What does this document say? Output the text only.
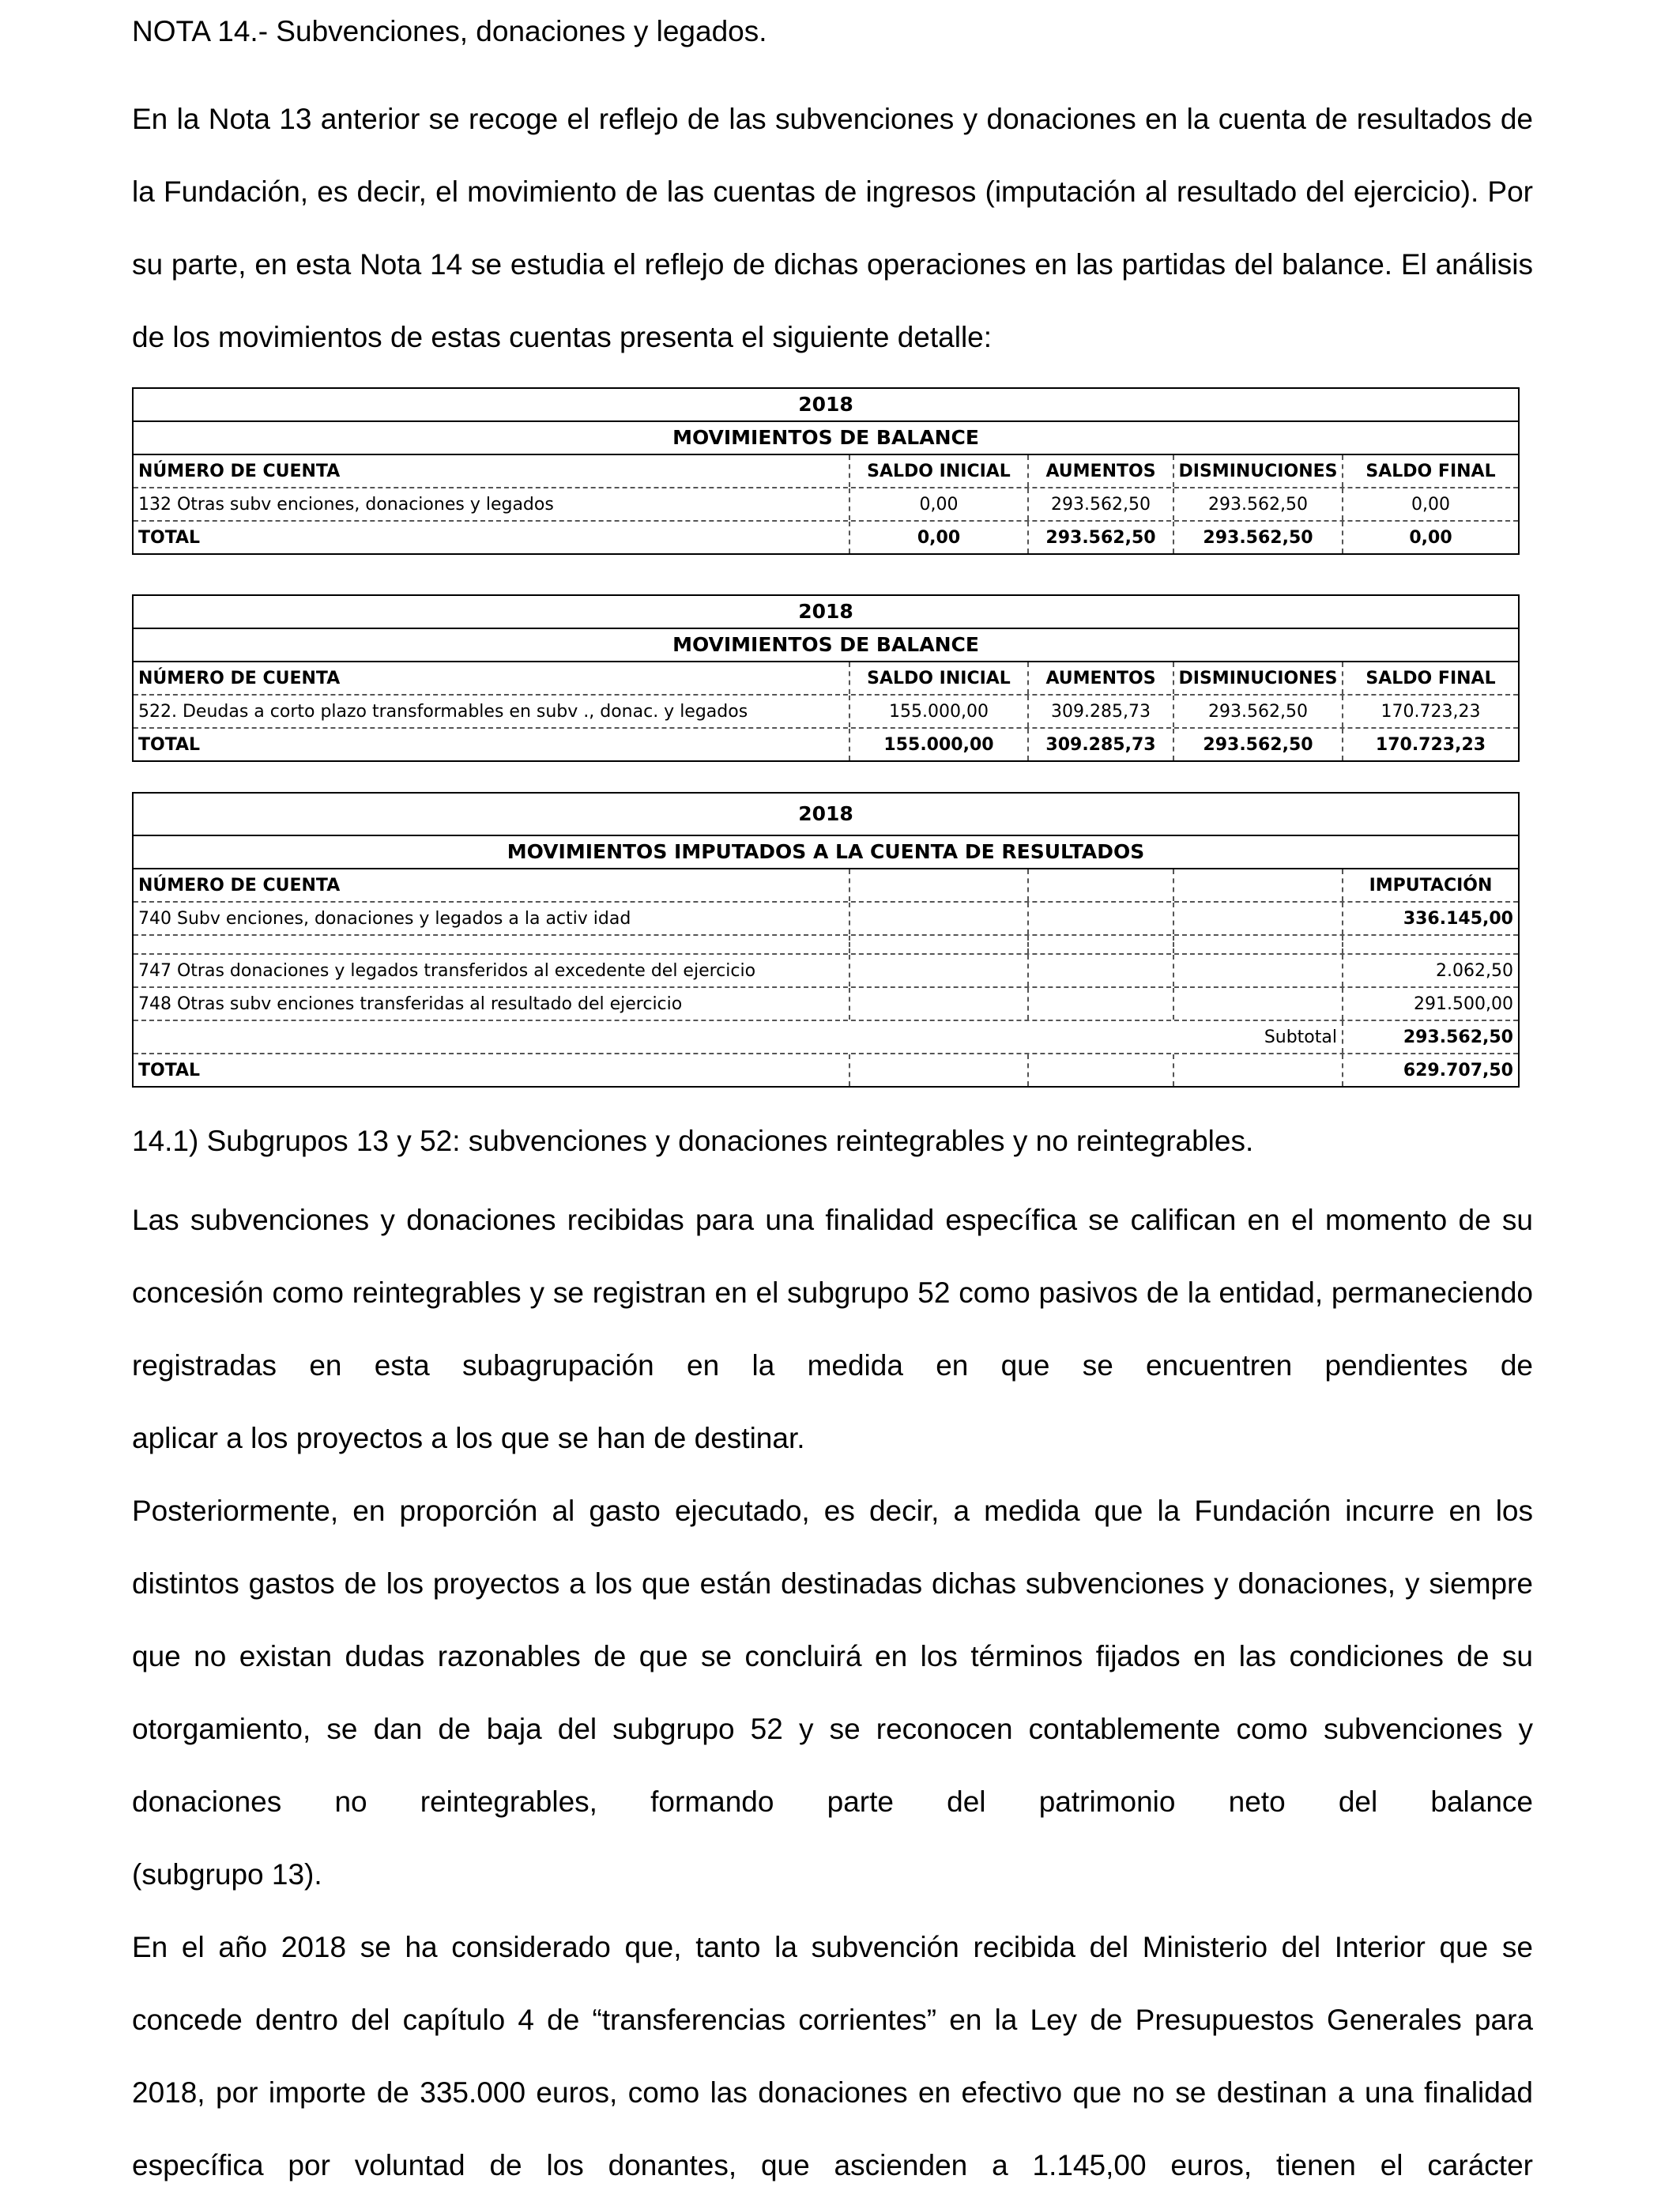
NOTA 14.- Subvenciones, donaciones y legados.

En la Nota 13 anterior se recoge el reflejo de las subvenciones y donaciones en la cuenta de resultados de la Fundación, es decir, el movimiento de las cuentas de ingresos (imputación al resultado del ejercicio). Por su parte, en esta Nota 14 se estudia el reflejo de dichas operaciones en las partidas del balance. El análisis de los movimientos de estas cuentas presenta el siguiente detalle:

2018
MOVIMIENTOS DE BALANCE
NÚMERO DE CUENTA	SALDO INICIAL	AUMENTOS	DISMINUCIONES	SALDO FINAL
132 Otras subv enciones, donaciones y legados	0,00	293.562,50	293.562,50	0,00
TOTAL	0,00	293.562,50	293.562,50	0,00
2018
MOVIMIENTOS DE BALANCE
NÚMERO DE CUENTA	SALDO INICIAL	AUMENTOS	DISMINUCIONES	SALDO FINAL
522. Deudas a corto plazo transformables en subv ., donac. y legados	155.000,00	309.285,73	293.562,50	170.723,23
TOTAL	155.000,00	309.285,73	293.562,50	170.723,23
2018
MOVIMIENTOS IMPUTADOS A LA CUENTA DE RESULTADOS
NÚMERO DE CUENTA	IMPUTACIÓN
740 Subv enciones, donaciones y legados a la activ idad	336.145,00
747 Otras donaciones y legados transferidos al excedente del ejercicio	2.062,50
748 Otras subv enciones transferidas al resultado del ejercicio	291.500,00
Subtotal	293.562,50
TOTAL	629.707,50

14.1) Subgrupos 13 y 52: subvenciones y donaciones reintegrables y no reintegrables.

Las subvenciones y donaciones recibidas para una finalidad específica se califican en el momento de su concesión como reintegrables y se registran en el subgrupo 52 como pasivos de la entidad, permaneciendo registradas en esta subagrupación en la medida en que se encuentren pendientes de

aplicar a los proyectos a los que se han de destinar.

Posteriormente, en proporción al gasto ejecutado, es decir, a medida que la Fundación incurre en los distintos gastos de los proyectos a los que están destinadas dichas subvenciones y donaciones, y siempre que no existan dudas razonables de que se concluirá en los términos fijados en las condiciones de su otorgamiento, se dan de baja del subgrupo 52 y se reconocen contablemente como subvenciones y donaciones no reintegrables, formando parte del patrimonio neto del balance

(subgrupo 13).

En el año 2018 se ha considerado que, tanto la subvención recibida del Ministerio del Interior que se concede dentro del capítulo 4 de “transferencias corrientes” en la Ley de Presupuestos Generales para 2018, por importe de 335.000 euros, como las donaciones en efectivo que no se destinan a una finalidad específica por voluntad de los donantes, que ascienden a 1.145,00 euros, tienen el carácter
